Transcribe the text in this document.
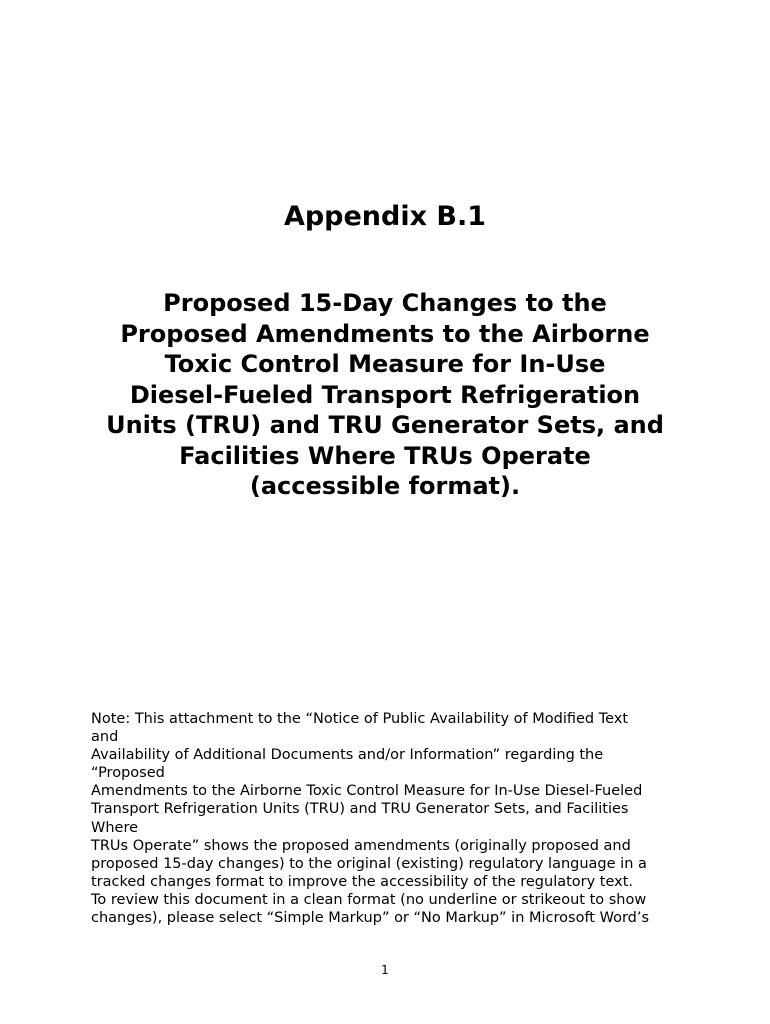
Appendix B.1
Proposed 15-Day Changes to the
Proposed Amendments to the Airborne
Toxic Control Measure for In-Use
Diesel-Fueled Transport Refrigeration
Units (TRU) and TRU Generator Sets, and
Facilities Where TRUs Operate
(accessible format).
Note: This attachment to the “Notice of Public Availability of Modified Text
and
Availability of Additional Documents and/or Information” regarding the
“Proposed
Amendments to the Airborne Toxic Control Measure for In-Use Diesel-Fueled
Transport Refrigeration Units (TRU) and TRU Generator Sets, and Facilities
Where
TRUs Operate” shows the proposed amendments (originally proposed and
proposed 15-day changes) to the original (existing) regulatory language in a
tracked changes format to improve the accessibility of the regulatory text.
To review this document in a clean format (no underline or strikeout to show
changes), please select “Simple Markup” or “No Markup” in Microsoft Word’s
1
